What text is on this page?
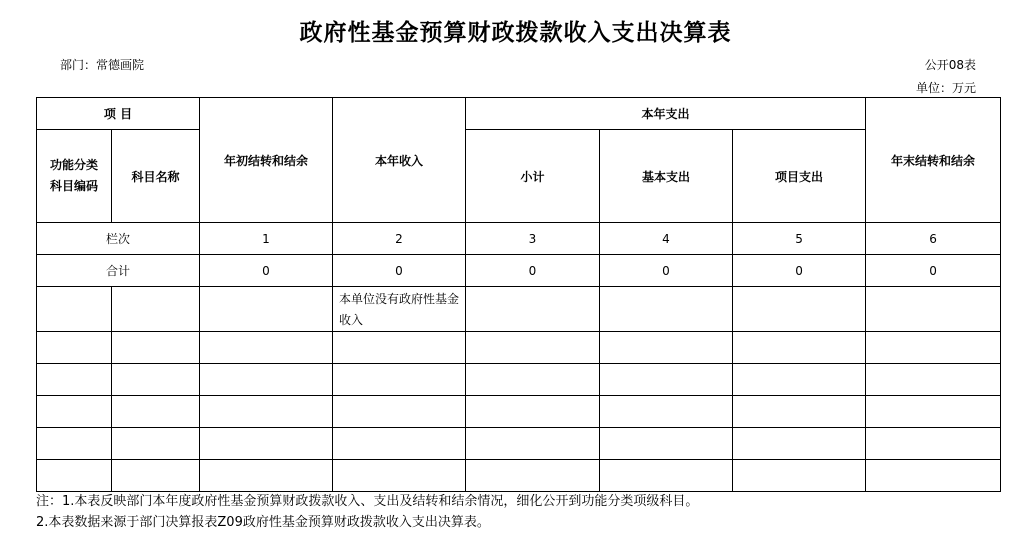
政府性基金预算财政拨款收入支出决算表
部门：常德画院	公开08表
单位：万元
项 目		年初结转和结余	本年收入	本年支出			年末结转和结余

功能分类
科目编码	科目名称			小计	基本支出	项目支出	
栏次		1	2	3	4	5	6
合计		0	0	0	0	0	0
			本单位没有政府性基金收入				

注：1.本表反映部门本年度政府性基金预算财政拨款收入、支出及结转和结余情况，细化公开到功能分类项级科目。
2.本表数据来源于部门决算报表Z09政府性基金预算财政拨款收入支出决算表。
